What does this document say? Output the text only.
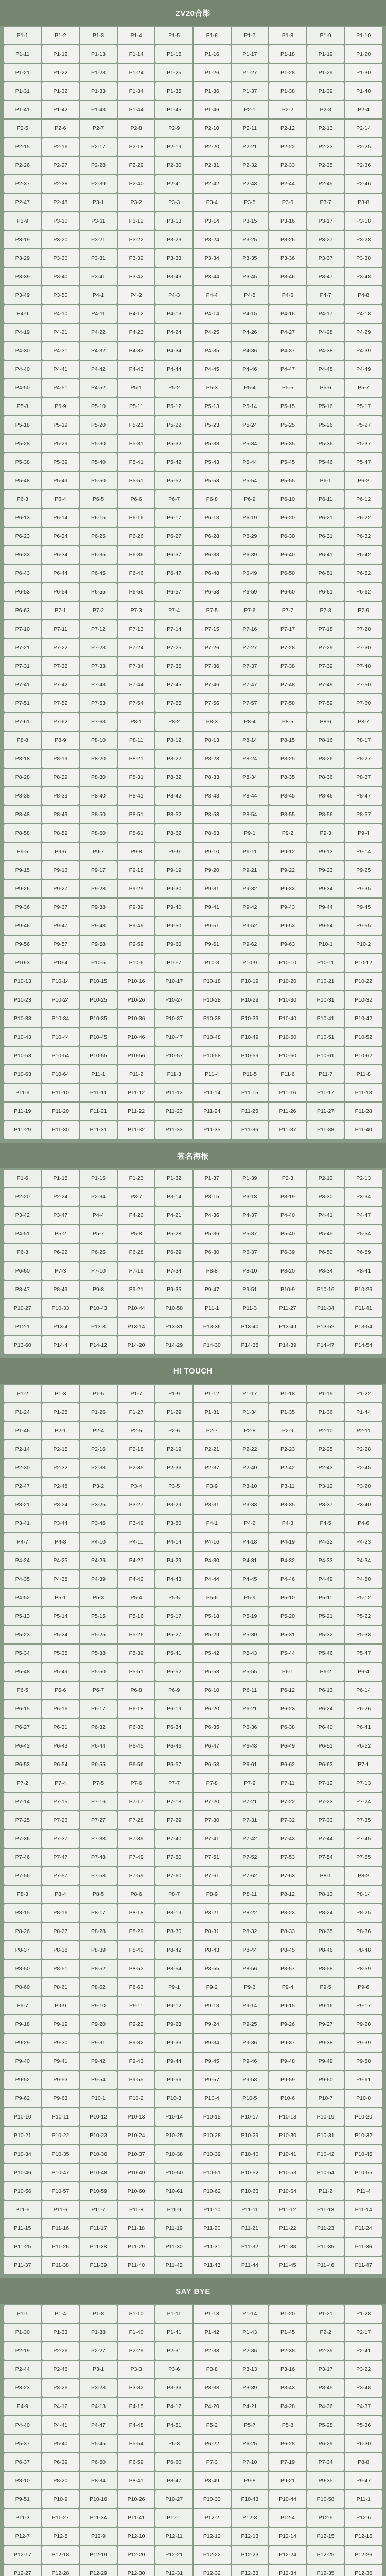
ZV20合影
P1-1	P1-2	P1-3	P1-4	P1-5	P1-6	P1-7	P1-8	P1-9	P1-10
P1-11	P1-12	P1-13	P1-14	P1-15	P1-16	P1-17	P1-18	P1-19	P1-20
P1-21	P1-22	P1-23	P1-24	P1-25	P1-26	P1-27	P1-28	P1-29	P1-30
P1-31	P1-32	P1-33	P1-34	P1-35	P1-36	P1-37	P1-38	P1-39	P1-40
P1-41	P1-42	P1-43	P1-44	P1-45	P1-46	P2-1	P2-2	P2-3	P2-4
P2-5	P2-6	P2-7	P2-8	P2-9	P2-10	P2-11	P2-12	P2-13	P2-14
P2-15	P2-16	P2-17	P2-18	P2-19	P2-20	P2-21	P2-22	P2-23	P2-25
P2-26	P2-27	P2-28	P2-29	P2-30	P2-31	P2-32	P2-33	P2-35	P2-36
P2-37	P2-38	P2-39	P2-40	P2-41	P2-42	P2-43	P2-44	P2-45	P2-46
P2-47	P2-48	P3-1	P3-2	P3-3	P3-4	P3-5	P3-6	P3-7	P3-8
P3-9	P3-10	P3-11	P3-12	P3-13	P3-14	P3-15	P3-16	P3-17	P3-18
P3-19	P3-20	P3-21	P3-22	P3-23	P3-24	P3-25	P3-26	P3-27	P3-28
P3-29	P3-30	P3-31	P3-32	P3-33	P3-34	P3-35	P3-36	P3-37	P3-38
P3-39	P3-40	P3-41	P3-42	P3-43	P3-44	P3-45	P3-46	P3-47	P3-48
P3-49	P3-50	P4-1	P4-2	P4-3	P4-4	P4-5	P4-6	P4-7	P4-8
P4-9	P4-10	P4-11	P4-12	P4-13	P4-14	P4-15	P4-16	P4-17	P4-18
P4-19	P4-21	P4-22	P4-23	P4-24	P4-25	P4-26	P4-27	P4-28	P4-29
P4-30	P4-31	P4-32	P4-33	P4-34	P4-35	P4-36	P4-37	P4-38	P4-39
P4-40	P4-41	P4-42	P4-43	P4-44	P4-45	P4-46	P4-47	P4-48	P4-49
P4-50	P4-51	P4-52	P5-1	P5-2	P5-3	P5-4	P5-5	P5-6	P5-7
P5-8	P5-9	P5-10	P5-11	P5-12	P5-13	P5-14	P5-15	P5-16	P5-17
P5-18	P5-19	P5-20	P5-21	P5-22	P5-23	P5-24	P5-25	P5-26	P5-27
P5-28	P5-29	P5-30	P5-31	P5-32	P5-33	P5-34	P5-35	P5-36	P5-37
P5-38	P5-39	P5-40	P5-41	P5-42	P5-43	P5-44	P5-45	P5-46	P5-47
P5-48	P5-49	P5-50	P5-51	P5-52	P5-53	P5-54	P5-55	P6-1	P6-2
P6-3	P6-4	P6-5	P6-6	P6-7	P6-8	P6-9	P6-10	P6-11	P6-12
P6-13	P6-14	P6-15	P6-16	P6-17	P6-18	P6-19	P6-20	P6-21	P6-22
P6-23	P6-24	P6-25	P6-26	P6-27	P6-28	P6-29	P6-30	P6-31	P6-32
P6-33	P6-34	P6-35	P6-36	P6-37	P6-38	P6-39	P6-40	P6-41	P6-42
P6-43	P6-44	P6-45	P6-46	P6-47	P6-48	P6-49	P6-50	P6-51	P6-52
P6-53	P6-54	P6-55	P6-56	P6-57	P6-58	P6-59	P6-60	P6-61	P6-62
P6-63	P7-1	P7-2	P7-3	P7-4	P7-5	P7-6	P7-7	P7-8	P7-9
P7-10	P7-11	P7-12	P7-13	P7-14	P7-15	P7-16	P7-17	P7-18	P7-20
P7-21	P7-22	P7-23	P7-24	P7-25	P7-26	P7-27	P7-28	P7-29	P7-30
P7-31	P7-32	P7-33	P7-34	P7-35	P7-36	P7-37	P7-38	P7-39	P7-40
P7-41	P7-42	P7-43	P7-44	P7-45	P7-46	P7-47	P7-48	P7-49	P7-50
P7-51	P7-52	P7-53	P7-54	P7-55	P7-56	P7-57	P7-58	P7-59	P7-60
P7-61	P7-62	P7-63	P8-1	P8-2	P8-3	P8-4	P8-5	P8-6	P8-7
P8-8	P8-9	P8-10	P8-11	P8-12	P8-13	P8-14	P8-15	P8-16	P8-17
P8-18	P8-19	P8-20	P8-21	P8-22	P8-23	P8-24	P8-25	P8-26	P8-27
P8-28	P8-29	P8-30	P8-31	P8-32	P8-33	P8-34	P8-35	P8-36	P8-37
P8-38	P8-39	P8-40	P8-41	P8-42	P8-43	P8-44	P8-45	P8-46	P8-47
P8-48	P8-49	P8-50	P8-51	P8-52	P8-53	P8-54	P8-55	P8-56	P8-57
P8-58	P8-59	P8-60	P8-61	P8-62	P8-63	P9-1	P9-2	P9-3	P9-4
P9-5	P9-6	P9-7	P9-8	P9-9	P9-10	P9-11	P9-12	P9-13	P9-14
P9-15	P9-16	P9-17	P9-18	P9-19	P9-20	P9-21	P9-22	P9-23	P9-25
P9-26	P9-27	P9-28	P9-29	P9-30	P9-31	P9-32	P9-33	P9-34	P9-35
P9-36	P9-37	P9-38	P9-39	P9-40	P9-41	P9-42	P9-43	P9-44	P9-45
P9-46	P9-47	P9-48	P9-49	P9-50	P9-51	P9-52	P9-53	P9-54	P9-55
P9-56	P9-57	P9-58	P9-59	P9-60	P9-61	P9-62	P9-63	P10-1	P10-2
P10-3	P10-4	P10-5	P10-6	P10-7	P10-8	P10-9	P10-10	P10-11	P10-12
P10-13	P10-14	P10-15	P10-16	P10-17	P10-18	P10-19	P10-20	P10-21	P10-22
P10-23	P10-24	P10-25	P10-26	P10-27	P10-28	P10-29	P10-30	P10-31	P10-32
P10-33	P10-34	P10-35	P10-36	P10-37	P10-38	P10-39	P10-40	P10-41	P10-42
P10-43	P10-44	P10-45	P10-46	P10-47	P10-48	P10-49	P10-50	P10-51	P10-52
P10-53	P10-54	P10-55	P10-56	P10-57	P10-58	P10-59	P10-60	P10-61	P10-62
P10-63	P10-64	P11-1	P11-2	P11-3	P11-4	P11-5	P11-6	P11-7	P11-8
P11-9	P11-10	P11-11	P11-12	P11-13	P11-14	P11-15	P11-16	P11-17	P11-18
P11-19	P11-20	P11-21	P11-22	P11-23	P11-24	P11-25	P11-26	P11-27	P11-28
P11-29	P11-30	P11-31	P11-32	P11-33	P11-35	P11-36	P11-37	P11-38	P11-40
签名海报
P1-6	P1-15	P1-16	P1-23	P1-32	P1-37	P1-39	P2-3	P2-12	P2-13
P2-20	P2-24	P2-34	P3-7	P3-14	P3-15	P3-18	P3-19	P3-30	P3-34
P3-42	P3-47	P4-4	P4-20	P4-21	P4-36	P4-37	P4-40	P4-41	P4-47
P4-51	P5-2	P5-7	P5-8	P5-28	P5-36	P5-37	P5-40	P5-45	P5-54
P6-3	P6-22	P6-25	P6-28	P6-29	P6-30	P6-37	P6-39	P6-50	P6-59
P6-60	P7-3	P7-10	P7-19	P7-34	P8-8	P8-10	P8-20	P8-34	P8-41
P8-47	P8-49	P9-8	P9-21	P9-35	P9-47	P9-51	P10-9	P10-16	P10-26
P10-27	P10-33	P10-43	P10-44	P10-58	P11-1	P11-3	P11-27	P11-34	P11-41
P12-1	P13-4	P13-8	P13-14	P13-31	P13-36	P13-40	P13-49	P13-52	P13-54
P13-60	P14-4	P14-12	P14-20	P14-29	P14-30	P14-35	P14-39	P14-47	P14-54
HI TOUCH
P1-2	P1-3	P1-5	P1-7	P1-9	P1-12	P1-17	P1-18	P1-19	P1-22
P1-24	P1-25	P1-26	P1-27	P1-29	P1-31	P1-34	P1-35	P1-36	P1-44
P1-46	P2-1	P2-4	P2-5	P2-6	P2-7	P2-8	P2-9	P2-10	P2-11
P2-14	P2-15	P2-16	P2-18	P2-19	P2-21	P2-22	P2-23	P2-25	P2-28
P2-30	P2-32	P2-33	P2-35	P2-36	P2-37	P2-40	P2-42	P2-43	P2-45
P2-47	P2-48	P3-2	P3-4	P3-5	P3-9	P3-10	P3-11	P3-12	P3-20
P3-21	P3-24	P3-25	P3-27	P3-29	P3-31	P3-33	P3-35	P3-37	P3-40
P3-41	P3-44	P3-46	P3-49	P3-50	P4-1	P4-2	P4-3	P4-5	P4-6
P4-7	P4-8	P4-10	P4-11	P4-14	P4-16	P4-18	P4-19	P4-22	P4-23
P4-24	P4-25	P4-26	P4-27	P4-29	P4-30	P4-31	P4-32	P4-33	P4-34
P4-35	P4-38	P4-39	P4-42	P4-43	P4-44	P4-45	P4-46	P4-49	P4-50
P4-52	P5-1	P5-3	P5-4	P5-5	P5-6	P5-9	P5-10	P5-11	P5-12
P5-13	P5-14	P5-15	P5-16	P5-17	P5-18	P5-19	P5-20	P5-21	P5-22
P5-23	P5-24	P5-25	P5-26	P5-27	P5-29	P5-30	P5-31	P5-32	P5-33
P5-34	P5-35	P5-38	P5-39	P5-41	P5-42	P5-43	P5-44	P5-46	P5-47
P5-48	P5-49	P5-50	P5-51	P5-52	P5-53	P5-55	P6-1	P6-2	P6-4
P6-5	P6-6	P6-7	P6-8	P6-9	P6-10	P6-11	P6-12	P6-13	P6-14
P6-15	P6-16	P6-17	P6-18	P6-19	P6-20	P6-21	P6-23	P6-24	P6-26
P6-27	P6-31	P6-32	P6-33	P6-34	P6-35	P6-36	P6-38	P6-40	P6-41
P6-42	P6-43	P6-44	P6-45	P6-46	P6-47	P6-48	P6-49	P6-51	P6-52
P6-53	P6-54	P6-55	P6-56	P6-57	P6-58	P6-61	P6-62	P6-63	P7-1
P7-2	P7-4	P7-5	P7-6	P7-7	P7-8	P7-9	P7-11	P7-12	P7-13
P7-14	P7-15	P7-16	P7-17	P7-18	P7-20	P7-21	P7-22	P7-23	P7-24
P7-25	P7-26	P7-27	P7-28	P7-29	P7-30	P7-31	P7-32	P7-33	P7-35
P7-36	P7-37	P7-38	P7-39	P7-40	P7-41	P7-42	P7-43	P7-44	P7-45
P7-46	P7-47	P7-48	P7-49	P7-50	P7-51	P7-52	P7-53	P7-54	P7-55
P7-56	P7-57	P7-58	P7-59	P7-60	P7-61	P7-62	P7-63	P8-1	P8-2
P8-3	P8-4	P8-5	P8-6	P8-7	P8-9	P8-11	P8-12	P8-13	P8-14
P8-15	P8-16	P8-17	P8-18	P8-19	P8-21	P8-22	P8-23	P8-24	P8-25
P8-26	P8-27	P8-28	P8-29	P8-30	P8-31	P8-32	P8-33	P8-35	P8-36
P8-37	P8-38	P8-39	P8-40	P8-42	P8-43	P8-44	P8-45	P8-46	P8-48
P8-50	P8-51	P8-52	P8-53	P8-54	P8-55	P8-56	P8-57	P8-58	P8-59
P8-60	P8-61	P8-62	P8-63	P9-1	P9-2	P9-3	P9-4	P9-5	P9-6
P9-7	P9-9	P9-10	P9-11	P9-12	P9-13	P9-14	P9-15	P9-16	P9-17
P9-18	P9-19	P9-20	P9-22	P9-23	P9-24	P9-25	P9-26	P9-27	P9-28
P9-29	P9-30	P9-31	P9-32	P9-33	P9-34	P9-36	P9-37	P9-38	P9-39
P9-40	P9-41	P9-42	P9-43	P9-44	P9-45	P9-46	P9-48	P9-49	P9-50
P9-52	P9-53	P9-54	P9-55	P9-56	P9-57	P9-58	P9-59	P9-60	P9-61
P9-62	P9-63	P10-1	P10-2	P10-3	P10-4	P10-5	P10-6	P10-7	P10-8
P10-10	P10-11	P10-12	P10-13	P10-14	P10-15	P10-17	P10-18	P10-19	P10-20
P10-21	P10-22	P10-23	P10-24	P10-25	P10-28	P10-29	P10-30	P10-31	P10-32
P10-34	P10-35	P10-36	P10-37	P10-38	P10-39	P10-40	P10-41	P10-42	P10-45
P10-46	P10-47	P10-48	P10-49	P10-50	P10-51	P10-52	P10-53	P10-54	P10-55
P10-56	P10-57	P10-59	P10-60	P10-61	P10-62	P10-63	P10-64	P11-2	P11-4
P11-5	P11-6	P11-7	P11-8	P11-9	P11-10	P11-11	P11-12	P11-13	P11-14
P11-15	P11-16	P11-17	P11-18	P11-19	P11-20	P11-21	P11-22	P11-23	P11-24
P11-25	P11-26	P11-28	P11-29	P11-30	P11-31	P11-32	P11-33	P11-35	P11-36
P11-37	P11-38	P11-39	P11-40	P11-42	P11-43	P11-44	P11-45	P11-46	P11-47
SAY BYE
P1-1	P1-4	P1-8	P1-10	P1-11	P1-13	P1-14	P1-20	P1-21	P1-28
P1-30	P1-33	P1-38	P1-40	P1-41	P1-42	P1-43	P1-45	P2-2	P2-17
P2-19	P2-26	P2-27	P2-29	P2-31	P2-33	P2-36	P2-38	P2-39	P2-41
P2-44	P2-46	P3-1	P3-3	P3-6	P3-8	P3-13	P3-16	P3-17	P3-22
P3-23	P3-26	P3-28	P3-32	P3-36	P3-38	P3-39	P3-43	P3-45	P3-48
P4-9	P4-12	P4-13	P4-15	P4-17	P4-20	P4-21	P4-28	P4-36	P4-37
P4-40	P4-41	P4-47	P4-48	P4-51	P5-2	P5-7	P5-8	P5-28	P5-36
P5-37	P5-40	P5-45	P5-54	P6-3	P6-22	P6-25	P6-28	P6-29	P6-30
P6-37	P6-39	P6-50	P6-59	P6-60	P7-3	P7-10	P7-19	P7-34	P8-8
P8-10	P8-20	P8-34	P8-41	P8-47	P8-49	P9-8	P9-21	P9-35	P9-47
P9-51	P10-9	P10-16	P10-26	P10-27	P10-33	P10-43	P10-44	P10-58	P11-1
P11-3	P11-27	P11-34	P11-41	P12-1	P12-2	P12-3	P12-4	P12-5	P12-6
P12-7	P12-8	P12-9	P12-10	P12-11	P12-12	P12-13	P12-14	P12-15	P12-16
P12-17	P12-18	P12-19	P12-20	P12-21	P12-22	P12-23	P12-24	P12-25	P12-26
P12-27	P12-28	P12-29	P12-30	P12-31	P12-32	P12-33	P12-34	P12-35	P12-36
